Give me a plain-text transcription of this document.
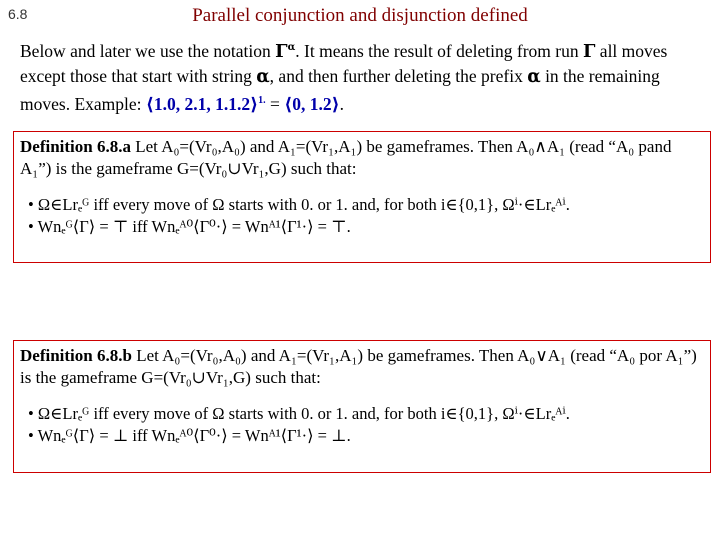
6.8	Parallel conjunction and disjunction defined
Below and later we use the notation $\Gamma^\alpha$. It means the result of deleting from run Γ all moves except those that start with string α, and then further deleting the prefix α in the remaining moves. Example: ⟨1.0, 2.1, 1.1.2⟩$^{1.}$ = ⟨0, 1.2⟩.
Definition 6.8.a Let A₀=(Vr₀,A₀) and A₁=(Vr₁,A₁) be gameframes. Then A₀∧A₁ (read “A₀ pand A₁”) is the gameframe G=(Vr₀∪Vr₁,G) such that:
• Ω∈Lrₑᴳ iff every move of Ω starts with 0. or 1. and, for both i∈{0,1}, Ωⁱ·∈Lrₑᴬⁱ.
• Wnₑᴳ⟨Γ⟩ = ⊤ iff Wnₑᴬ⁰⟨Γ⁰·⟩ = Wnᴬ¹⟨Γ¹·⟩ = ⊤.
Definition 6.8.b Let A₀=(Vr₀,A₀) and A₁=(Vr₁,A₁) be gameframes. Then A₀∨A₁ (read “A₀ por A₁”) is the gameframe G=(Vr₀∪Vr₁,G) such that:
• Ω∈Lrₑᴳ iff every move of Ω starts with 0. or 1. and, for both i∈{0,1}, Ωⁱ·∈Lrₑᴬⁱ.
• Wnₑᴳ⟨Γ⟩ = ⊥ iff Wnₑᴬ⁰⟨Γ⁰·⟩ = Wnᴬ¹⟨Γ¹·⟩ = ⊥.
